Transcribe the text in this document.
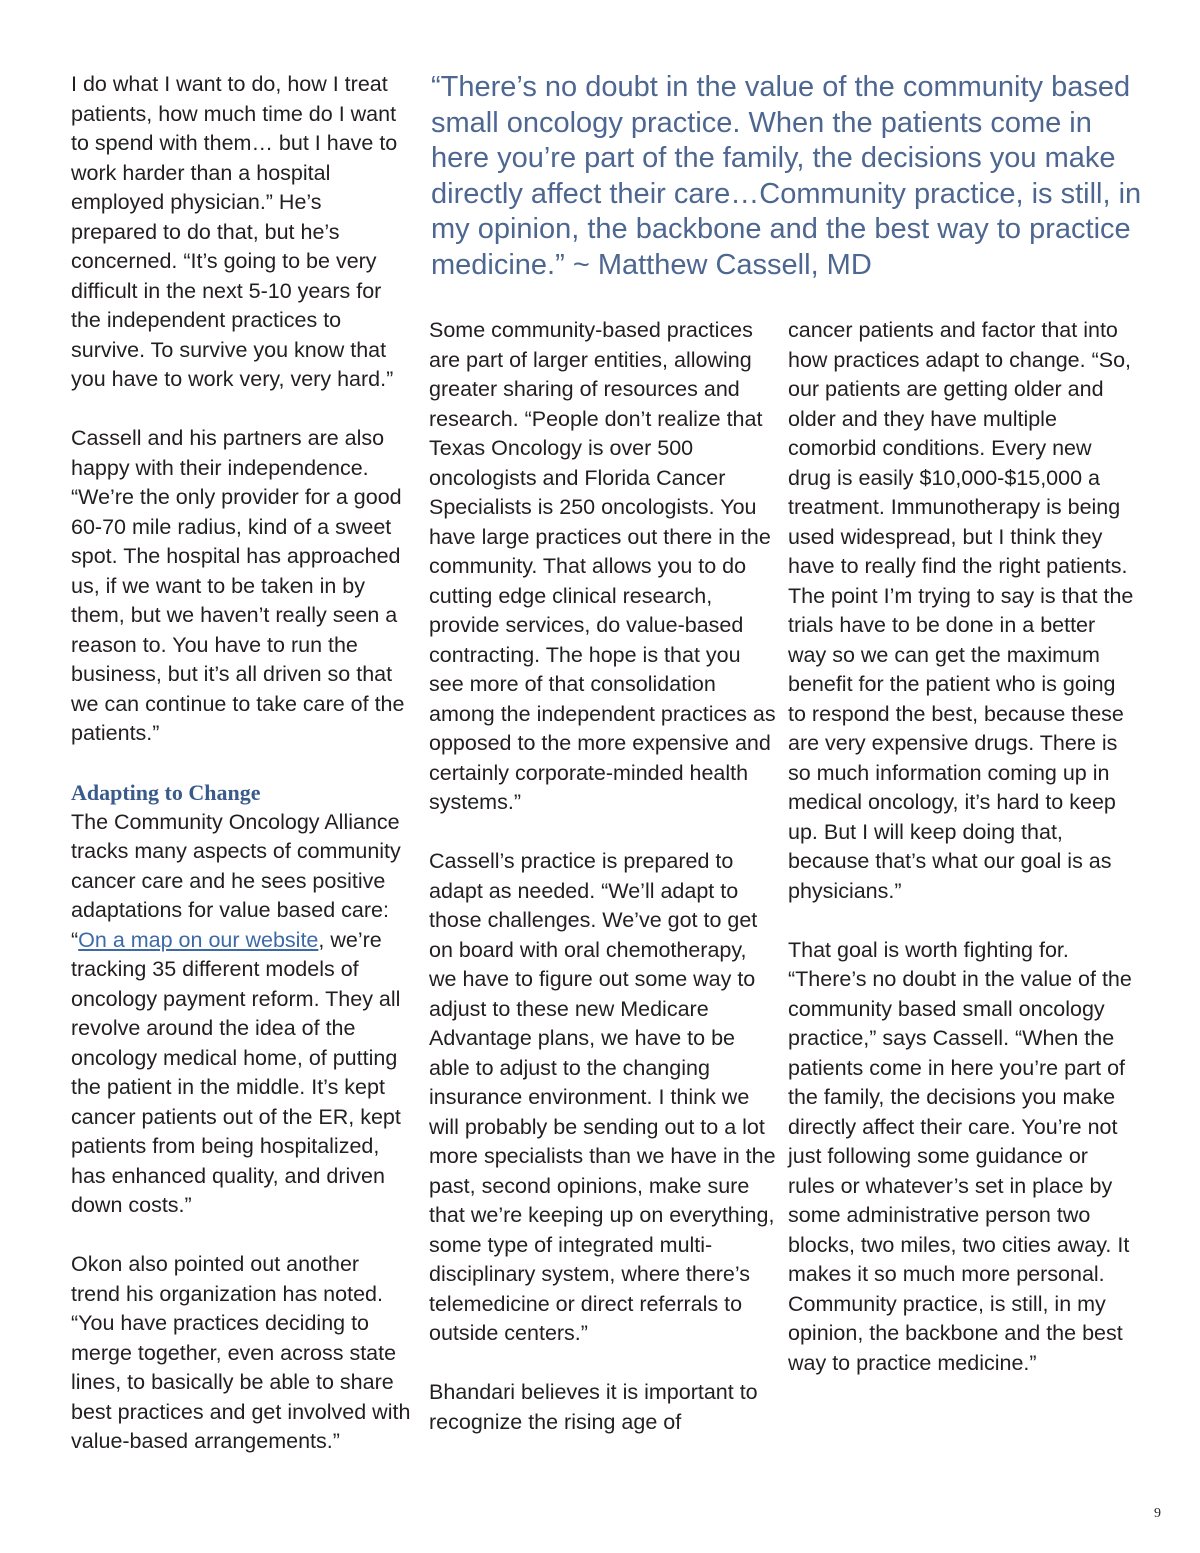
“There’s no doubt in the value of the community based small oncology practice. When the patients come in here you’re part of the family, the decisions you make directly affect their care…Community practice, is still, in my opinion, the backbone and the best way to practice medicine.” ~ Matthew Cassell, MD

I do what I want to do, how I treat patients, how much time do I want to spend with them… but I have to work harder than a hospital employed physician.” He’s prepared to do that, but he’s concerned. “It’s going to be very difficult in the next 5-10 years for the independent practices to survive. To survive you know that you have to work very, very hard.”

Cassell and his partners are also happy with their independence. “We’re the only provider for a good 60-70 mile radius, kind of a sweet spot. The hospital has approached us, if we want to be taken in by them, but we haven’t really seen a reason to. You have to run the business, but it’s all driven so that we can continue to take care of the patients.”

Adapting to Change

The Community Oncology Alliance tracks many aspects of community cancer care and he sees positive adaptations for value based care: “On a map on our website, we’re tracking 35 different models of oncology payment reform. They all revolve around the idea of the oncology medical home, of putting the patient in the middle. It’s kept cancer patients out of the ER, kept patients from being hospitalized, has enhanced quality, and driven down costs.”

Okon also pointed out another trend his organization has noted. “You have practices deciding to merge together, even across state lines, to basically be able to share best practices and get involved with value-based arrangements.”

Some community-based practices are part of larger entities, allowing greater sharing of resources and research. “People don’t realize that Texas Oncology is over 500 oncologists and Florida Cancer Specialists is 250 oncologists. You have large practices out there in the community. That allows you to do cutting edge clinical research, provide services, do value-based contracting. The hope is that you see more of that consolidation among the independent practices as opposed to the more expensive and certainly corporate-minded health systems.”

Cassell’s practice is prepared to adapt as needed. “We’ll adapt to those challenges. We’ve got to get on board with oral chemotherapy, we have to figure out some way to adjust to these new Medicare Advantage plans, we have to be able to adjust to the changing insurance environment. I think we will probably be sending out to a lot more specialists than we have in the past, second opinions, make sure that we’re keeping up on everything, some type of integrated multi-disciplinary system, where there’s telemedicine or direct referrals to outside centers.”

Bhandari believes it is important to recognize the rising age of

cancer patients and factor that into how practices adapt to change. “So, our patients are getting older and older and they have multiple comorbid conditions. Every new drug is easily $10,000-$15,000 a treatment. Immunotherapy is being used widespread, but I think they have to really find the right patients. The point I’m trying to say is that the trials have to be done in a better way so we can get the maximum benefit for the patient who is going to respond the best, because these are very expensive drugs. There is so much information coming up in medical oncology, it’s hard to keep up. But I will keep doing that, because that’s what our goal is as physicians.”

That goal is worth fighting for. “There’s no doubt in the value of the community based small oncology practice,” says Cassell. “When the patients come in here you’re part of the family, the decisions you make directly affect their care. You’re not just following some guidance or rules or whatever’s set in place by some administrative person two blocks, two miles, two cities away. It makes it so much more personal. Community practice, is still, in my opinion, the backbone and the best way to practice medicine.”

9
